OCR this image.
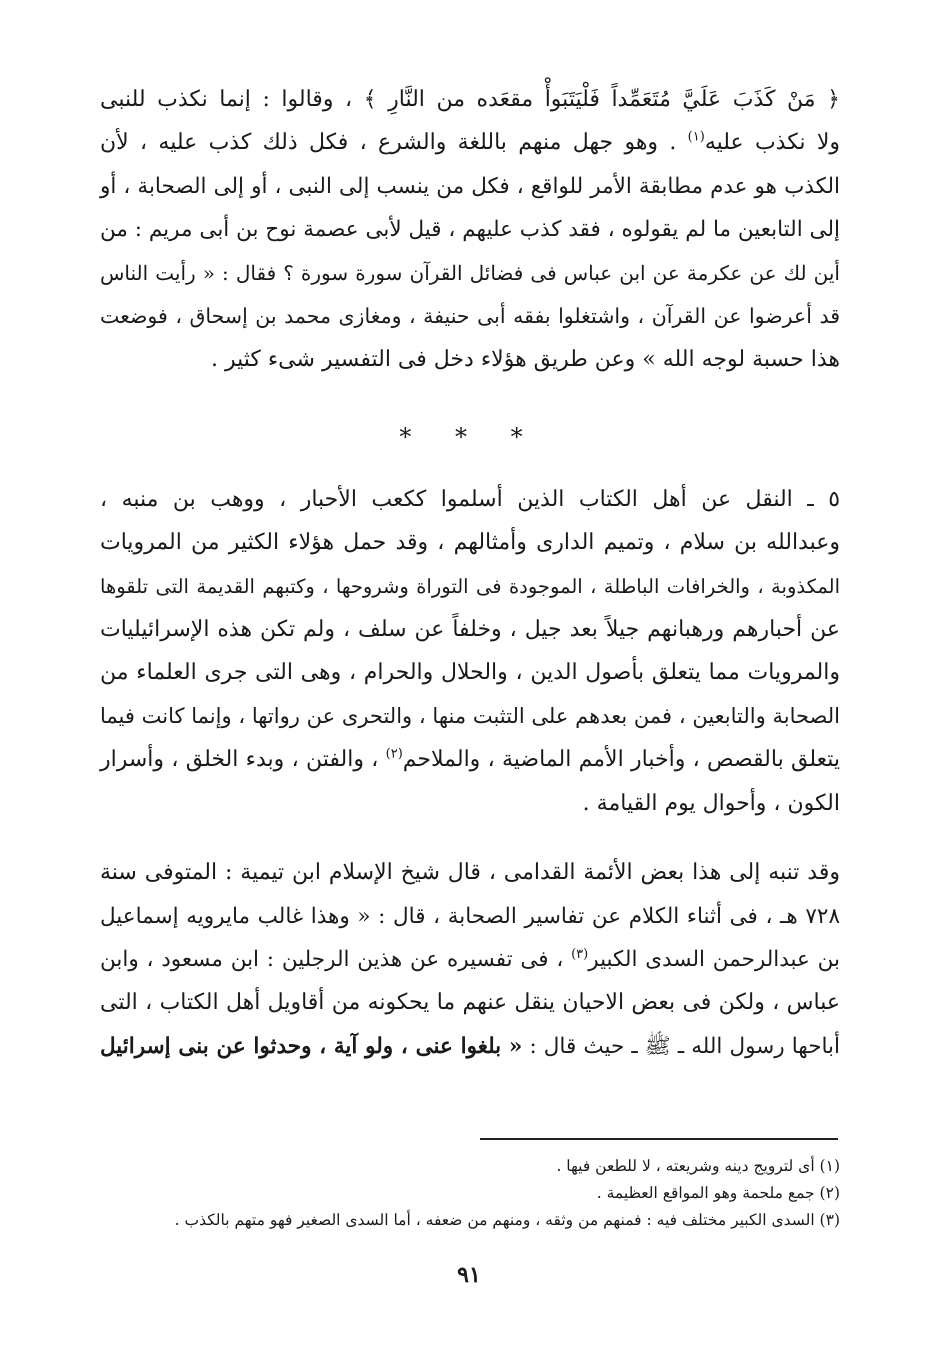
﴿ مَنْ كَذَبَ عَلَيَّ مُتَعَمِّداً فَلْيَتَبَوأْ مقعَده من النَّارِ ﴾ ، وقالوا : إنما نكذب للنبى
ولا نكذب عليه$^{(١)}$ . وهو جهل منهم باللغة والشرع ، فكل ذلك كذب عليه ، لأن
الكذب هو عدم مطابقة الأمر للواقع ، فكل من ينسب إلى النبى ، أو إلى الصحابة ، أو
إلى التابعين ما لم يقولوه ، فقد كذب عليهم ، قيل لأبى عصمة نوح بن أبى مريم : من
أين لك عن عكرمة عن ابن عباس فى فضائل القرآن سورة سورة ؟ فقال : « رأيت الناس
قد أعرضوا عن القرآن ، واشتغلوا بفقه أبى حنيفة ، ومغازى محمد بن إسحاق ، فوضعت
هذا حسبة لوجه الله » وعن طريق هؤلاء دخل فى التفسير شىء كثير .

* * *

٥ ـ النقل عن أهل الكتاب الذين أسلموا ككعب الأحبار ، ووهب بن منبه ،
وعبدالله بن سلام ، وتميم الدارى وأمثالهم ، وقد حمل هؤلاء الكثير من المرويات
المكذوبة ، والخرافات الباطلة ، الموجودة فى التوراة وشروحها ، وكتبهم القديمة التى تلقوها
عن أحبارهم ورهبانهم جيلاً بعد جيل ، وخلفاً عن سلف ، ولم تكن هذه الإسرائيليات
والمرويات مما يتعلق بأصول الدين ، والحلال والحرام ، وهى التى جرى العلماء من
الصحابة والتابعين ، فمن بعدهم على التثبت منها ، والتحرى عن رواتها ، وإنما كانت فيما
يتعلق بالقصص ، وأخبار الأمم الماضية ، والملاحم$^{(٢)}$ ، والفتن ، وبدء الخلق ، وأسرار
الكون ، وأحوال يوم القيامة .

وقد تنبه إلى هذا بعض الأئمة القدامى ، قال شيخ الإسلام ابن تيمية : المتوفى سنة
٧٢٨ هـ ، فى أثناء الكلام عن تفاسير الصحابة ، قال : « وهذا غالب مايرويه إسماعيل
بن عبدالرحمن السدى الكبير$^{(٣)}$ ، فى تفسيره عن هذين الرجلين : ابن مسعود ، وابن
عباس ، ولكن فى بعض الاحيان ينقل عنهم ما يحكونه من أقاويل أهل الكتاب ، التى
أباحها رسول الله ـ ﷺ ـ حيث قال : « بلغوا عنى ، ولو آية ، وحدثوا عن بنى إسرائيل

(١) أى لترويج دينه وشريعته ، لا للطعن فيها .
(٢) جمع ملحمة وهو المواقع العظيمة .
(٣) السدى الكبير مختلف فيه : فمنهم من وثقه ، ومنهم من ضعفه ، أما السدى الصغير فهو متهم بالكذب .
٩١
